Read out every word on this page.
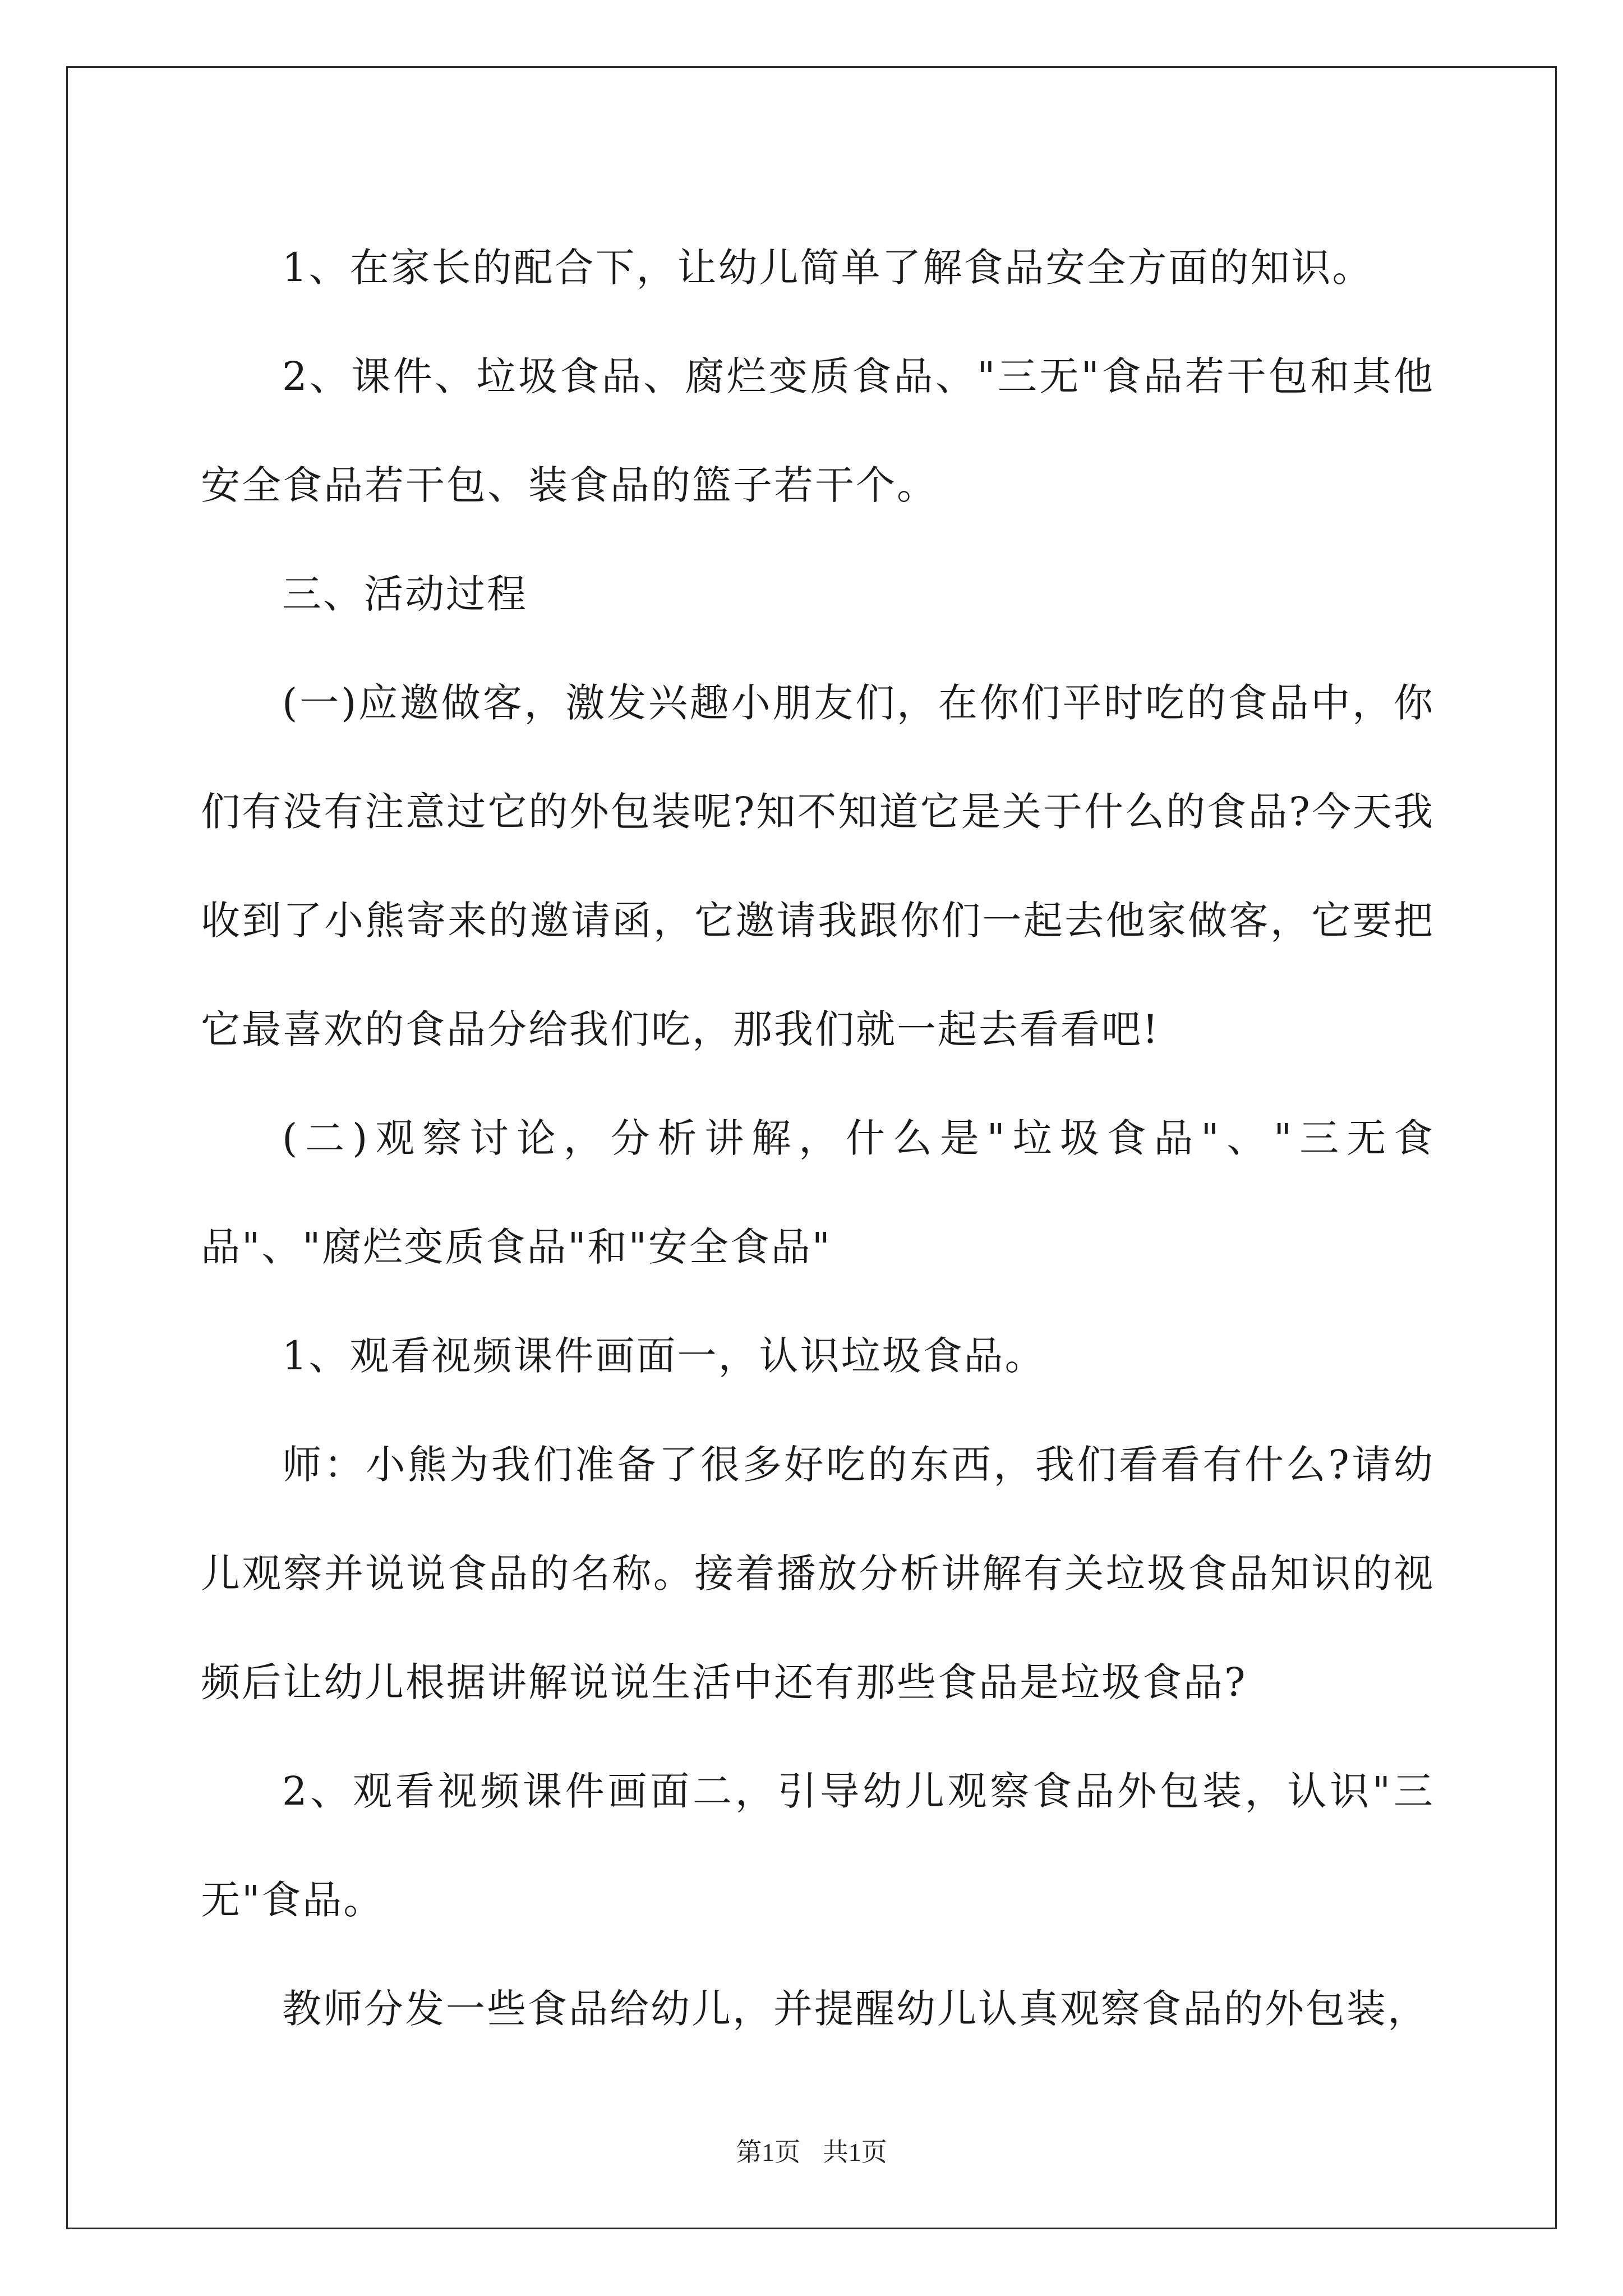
1、在家长的配合下，让幼儿简单了解食品安全方面的知识。

2、课件、垃圾食品、腐烂变质食品、"三无"食品若干包和其他安全食品若干包、装食品的篮子若干个。

三、活动过程

(一)应邀做客，激发兴趣小朋友们，在你们平时吃的食品中，你们有没有注意过它的外包装呢?知不知道它是关于什么的食品?今天我收到了小熊寄来的邀请函，它邀请我跟你们一起去他家做客，它要把它最喜欢的食品分给我们吃，那我们就一起去看看吧!

(二)观察讨论，分析讲解，什么是"垃圾食品"、"三无食品"、"腐烂变质食品"和"安全食品"

1、观看视频课件画面一，认识垃圾食品。

师：小熊为我们准备了很多好吃的东西，我们看看有什么?请幼儿观察并说说食品的名称。接着播放分析讲解有关垃圾食品知识的视频后让幼儿根据讲解说说生活中还有那些食品是垃圾食品?

2、观看视频课件画面二，引导幼儿观察食品外包装，认识"三无"食品。

教师分发一些食品给幼儿，并提醒幼儿认真观察食品的外包装，

第1页 共1页
